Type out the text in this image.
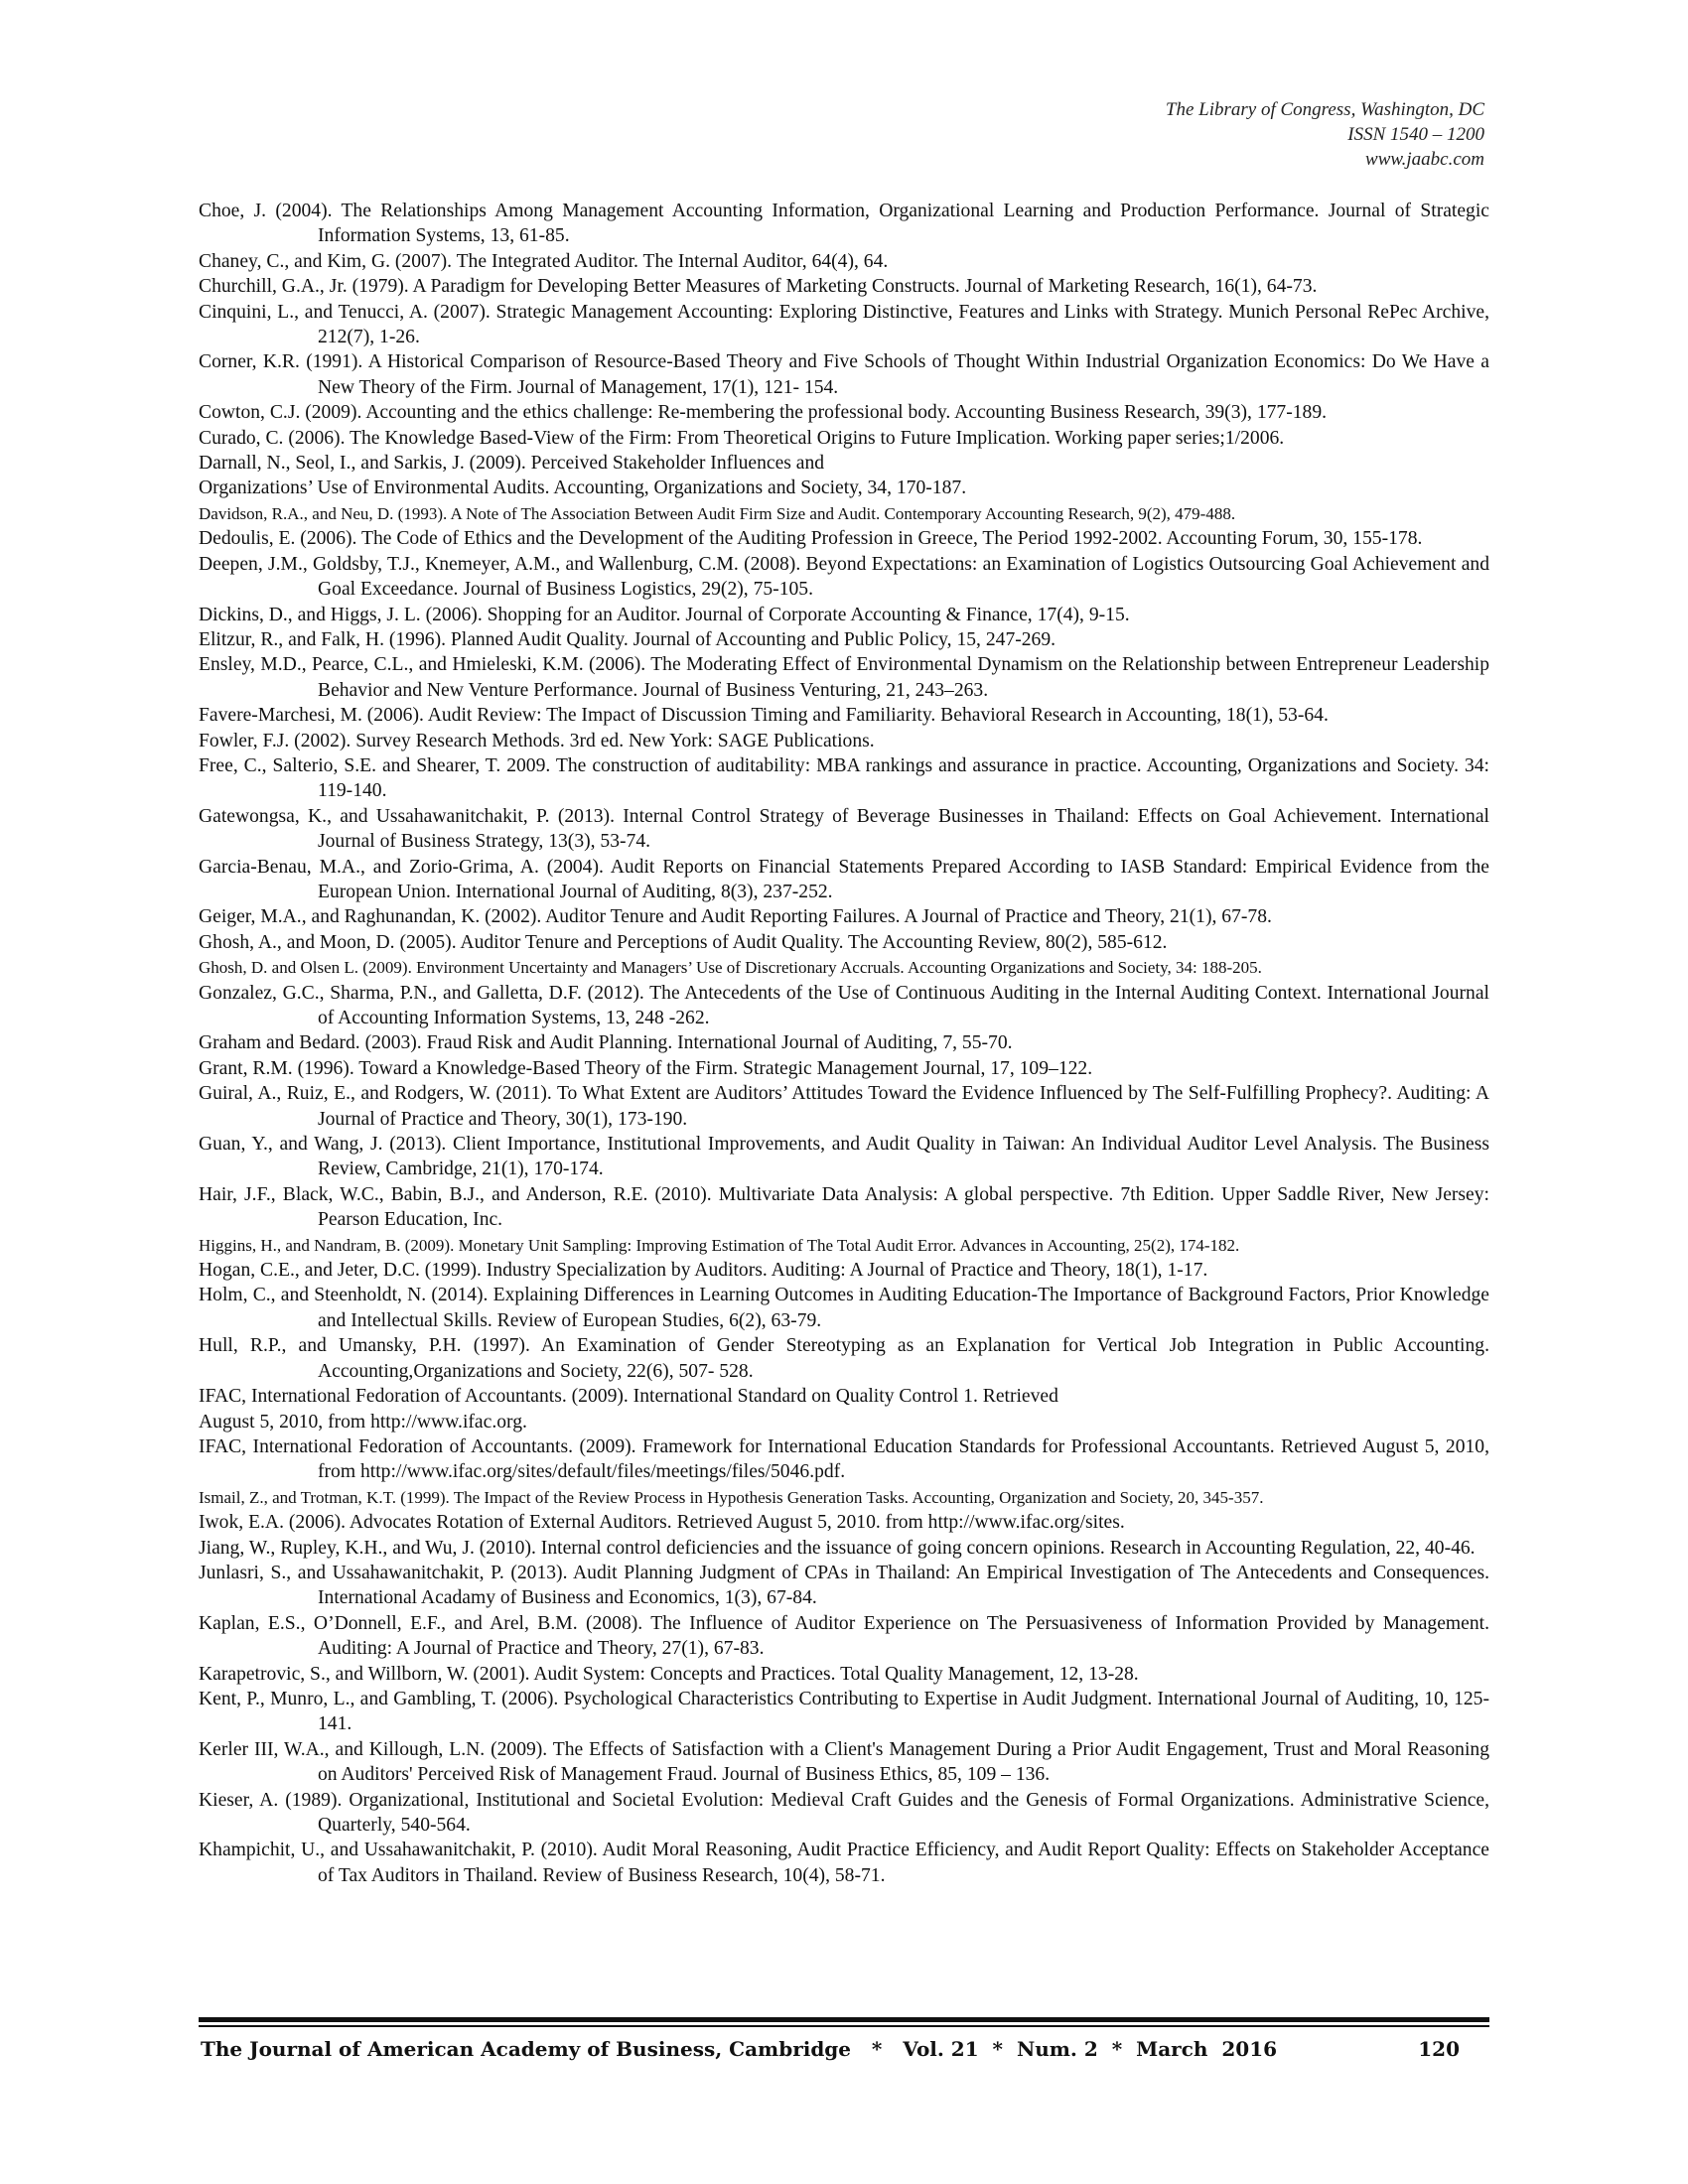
The Library of Congress, Washington, DC
ISSN 1540 – 1200
www.jaabc.com

Choe, J. (2004). The Relationships Among Management Accounting Information, Organizational Learning and Production Performance. Journal of Strategic Information Systems, 13, 61-85.

Chaney, C., and Kim, G. (2007). The Integrated Auditor. The Internal Auditor, 64(4), 64.

Churchill, G.A., Jr. (1979). A Paradigm for Developing Better Measures of Marketing Constructs. Journal of Marketing Research, 16(1), 64-73.

Cinquini, L., and Tenucci, A. (2007). Strategic Management Accounting: Exploring Distinctive, Features and Links with Strategy. Munich Personal RePec Archive, 212(7), 1-26.

Corner, K.R. (1991). A Historical Comparison of Resource-Based Theory and Five Schools of Thought Within Industrial Organization Economics: Do We Have a New Theory of the Firm. Journal of Management, 17(1), 121- 154.

Cowton, C.J. (2009). Accounting and the ethics challenge: Re-membering the professional body. Accounting Business Research, 39(3), 177-189.

Curado, C. (2006). The Knowledge Based-View of the Firm: From Theoretical Origins to Future Implication. Working paper series;1/2006.

Darnall, N., Seol, I., and Sarkis, J. (2009). Perceived Stakeholder Influences and

Organizations’ Use of Environmental Audits. Accounting, Organizations and Society, 34, 170-187.

Davidson, R.A., and Neu, D. (1993). A Note of The Association Between Audit Firm Size and Audit. Contemporary Accounting Research, 9(2), 479-488.

Dedoulis, E. (2006). The Code of Ethics and the Development of the Auditing Profession in Greece, The Period 1992-2002. Accounting Forum, 30, 155-178.

Deepen, J.M., Goldsby, T.J., Knemeyer, A.M., and Wallenburg, C.M. (2008). Beyond Expectations: an Examination of Logistics Outsourcing Goal Achievement and Goal Exceedance. Journal of Business Logistics, 29(2), 75-105.

Dickins, D., and Higgs, J. L. (2006). Shopping for an Auditor. Journal of Corporate Accounting & Finance, 17(4), 9-15.

Elitzur, R., and Falk, H. (1996). Planned Audit Quality. Journal of Accounting and Public Policy, 15, 247-269.

Ensley, M.D., Pearce, C.L., and Hmieleski, K.M. (2006). The Moderating Effect of Environmental Dynamism on the Relationship between Entrepreneur Leadership Behavior and New Venture Performance. Journal of Business Venturing, 21, 243–263.

Favere-Marchesi, M. (2006). Audit Review: The Impact of Discussion Timing and Familiarity. Behavioral Research in Accounting, 18(1), 53-64.

Fowler, F.J. (2002). Survey Research Methods. 3rd ed. New York: SAGE Publications.

Free, C., Salterio, S.E. and Shearer, T. 2009. The construction of auditability: MBA rankings and assurance in practice. Accounting, Organizations and Society. 34: 119-140.

Gatewongsa, K., and Ussahawanitchakit, P. (2013). Internal Control Strategy of Beverage Businesses in Thailand: Effects on Goal Achievement. International Journal of Business Strategy, 13(3), 53-74.

Garcia-Benau, M.A., and Zorio-Grima, A. (2004). Audit Reports on Financial Statements Prepared According to IASB Standard: Empirical Evidence from the European Union. International Journal of Auditing, 8(3), 237-252.

Geiger, M.A., and Raghunandan, K. (2002). Auditor Tenure and Audit Reporting Failures. A Journal of Practice and Theory, 21(1), 67-78.

Ghosh, A., and Moon, D. (2005). Auditor Tenure and Perceptions of Audit Quality. The Accounting Review, 80(2), 585-612.

Ghosh, D. and Olsen L. (2009). Environment Uncertainty and Managers’ Use of Discretionary Accruals. Accounting Organizations and Society, 34: 188-205.

Gonzalez, G.C., Sharma, P.N., and Galletta, D.F. (2012). The Antecedents of the Use of Continuous Auditing in the Internal Auditing Context. International Journal of Accounting Information Systems, 13, 248 -262.

Graham and Bedard. (2003). Fraud Risk and Audit Planning. International Journal of Auditing, 7, 55-70.

Grant, R.M. (1996). Toward a Knowledge-Based Theory of the Firm. Strategic Management Journal, 17, 109–122.

Guiral, A., Ruiz, E., and Rodgers, W. (2011). To What Extent are Auditors’ Attitudes Toward the Evidence Influenced by The Self-Fulfilling Prophecy?. Auditing: A Journal of Practice and Theory, 30(1), 173-190.

Guan, Y., and Wang, J. (2013). Client Importance, Institutional Improvements, and Audit Quality in Taiwan: An Individual Auditor Level Analysis. The Business Review, Cambridge, 21(1), 170-174.

Hair, J.F., Black, W.C., Babin, B.J., and Anderson, R.E. (2010). Multivariate Data Analysis: A global perspective. 7th Edition. Upper Saddle River, New Jersey: Pearson Education, Inc.

Higgins, H., and Nandram, B. (2009). Monetary Unit Sampling: Improving Estimation of The Total Audit Error. Advances in Accounting, 25(2), 174-182.

Hogan, C.E., and Jeter, D.C. (1999). Industry Specialization by Auditors. Auditing: A Journal of Practice and Theory, 18(1), 1-17.

Holm, C., and Steenholdt, N. (2014). Explaining Differences in Learning Outcomes in Auditing Education-The Importance of Background Factors, Prior Knowledge and Intellectual Skills. Review of European Studies, 6(2), 63-79.

Hull, R.P., and Umansky, P.H. (1997). An Examination of Gender Stereotyping as an Explanation for Vertical Job Integration in Public Accounting. Accounting,Organizations and Society, 22(6), 507- 528.

IFAC, International Fedoration of Accountants. (2009). International Standard on Quality Control 1. Retrieved

August 5, 2010, from http://www.ifac.org.

IFAC, International Fedoration of Accountants. (2009). Framework for International Education Standards for Professional Accountants. Retrieved August 5, 2010, from http://www.ifac.org/sites/default/files/meetings/files/5046.pdf.

Ismail, Z., and Trotman, K.T. (1999). The Impact of the Review Process in Hypothesis Generation Tasks. Accounting, Organization and Society, 20, 345-357.

Iwok, E.A. (2006). Advocates Rotation of External Auditors. Retrieved August 5, 2010. from http://www.ifac.org/sites.

Jiang, W., Rupley, K.H., and Wu, J. (2010). Internal control deficiencies and the issuance of going concern opinions. Research in Accounting Regulation, 22, 40-46.

Junlasri, S., and Ussahawanitchakit, P. (2013). Audit Planning Judgment of CPAs in Thailand: An Empirical Investigation of The Antecedents and Consequences. International Acadamy of Business and Economics, 1(3), 67-84.

Kaplan, E.S., O’Donnell, E.F., and Arel, B.M. (2008). The Influence of Auditor Experience on The Persuasiveness of Information Provided by Management. Auditing: A Journal of Practice and Theory, 27(1), 67-83.

Karapetrovic, S., and Willborn, W. (2001). Audit System: Concepts and Practices. Total Quality Management, 12, 13-28.

Kent, P., Munro, L., and Gambling, T. (2006). Psychological Characteristics Contributing to Expertise in Audit Judgment. International Journal of Auditing, 10, 125-141.

Kerler III, W.A., and Killough, L.N. (2009). The Effects of Satisfaction with a Client's Management During a Prior Audit Engagement, Trust and Moral Reasoning on Auditors' Perceived Risk of Management Fraud. Journal of Business Ethics, 85, 109 – 136.

Kieser, A. (1989). Organizational, Institutional and Societal Evolution: Medieval Craft Guides and the Genesis of Formal Organizations. Administrative Science, Quarterly, 540-564.

Khampichit, U., and Ussahawanitchakit, P. (2010). Audit Moral Reasoning, Audit Practice Efficiency, and Audit Report Quality: Effects on Stakeholder Acceptance of Tax Auditors in Thailand. Review of Business Research, 10(4), 58-71.

The Journal of American Academy of Business, Cambridge   *   Vol. 21  *  Num. 2  *  March  2016	120
